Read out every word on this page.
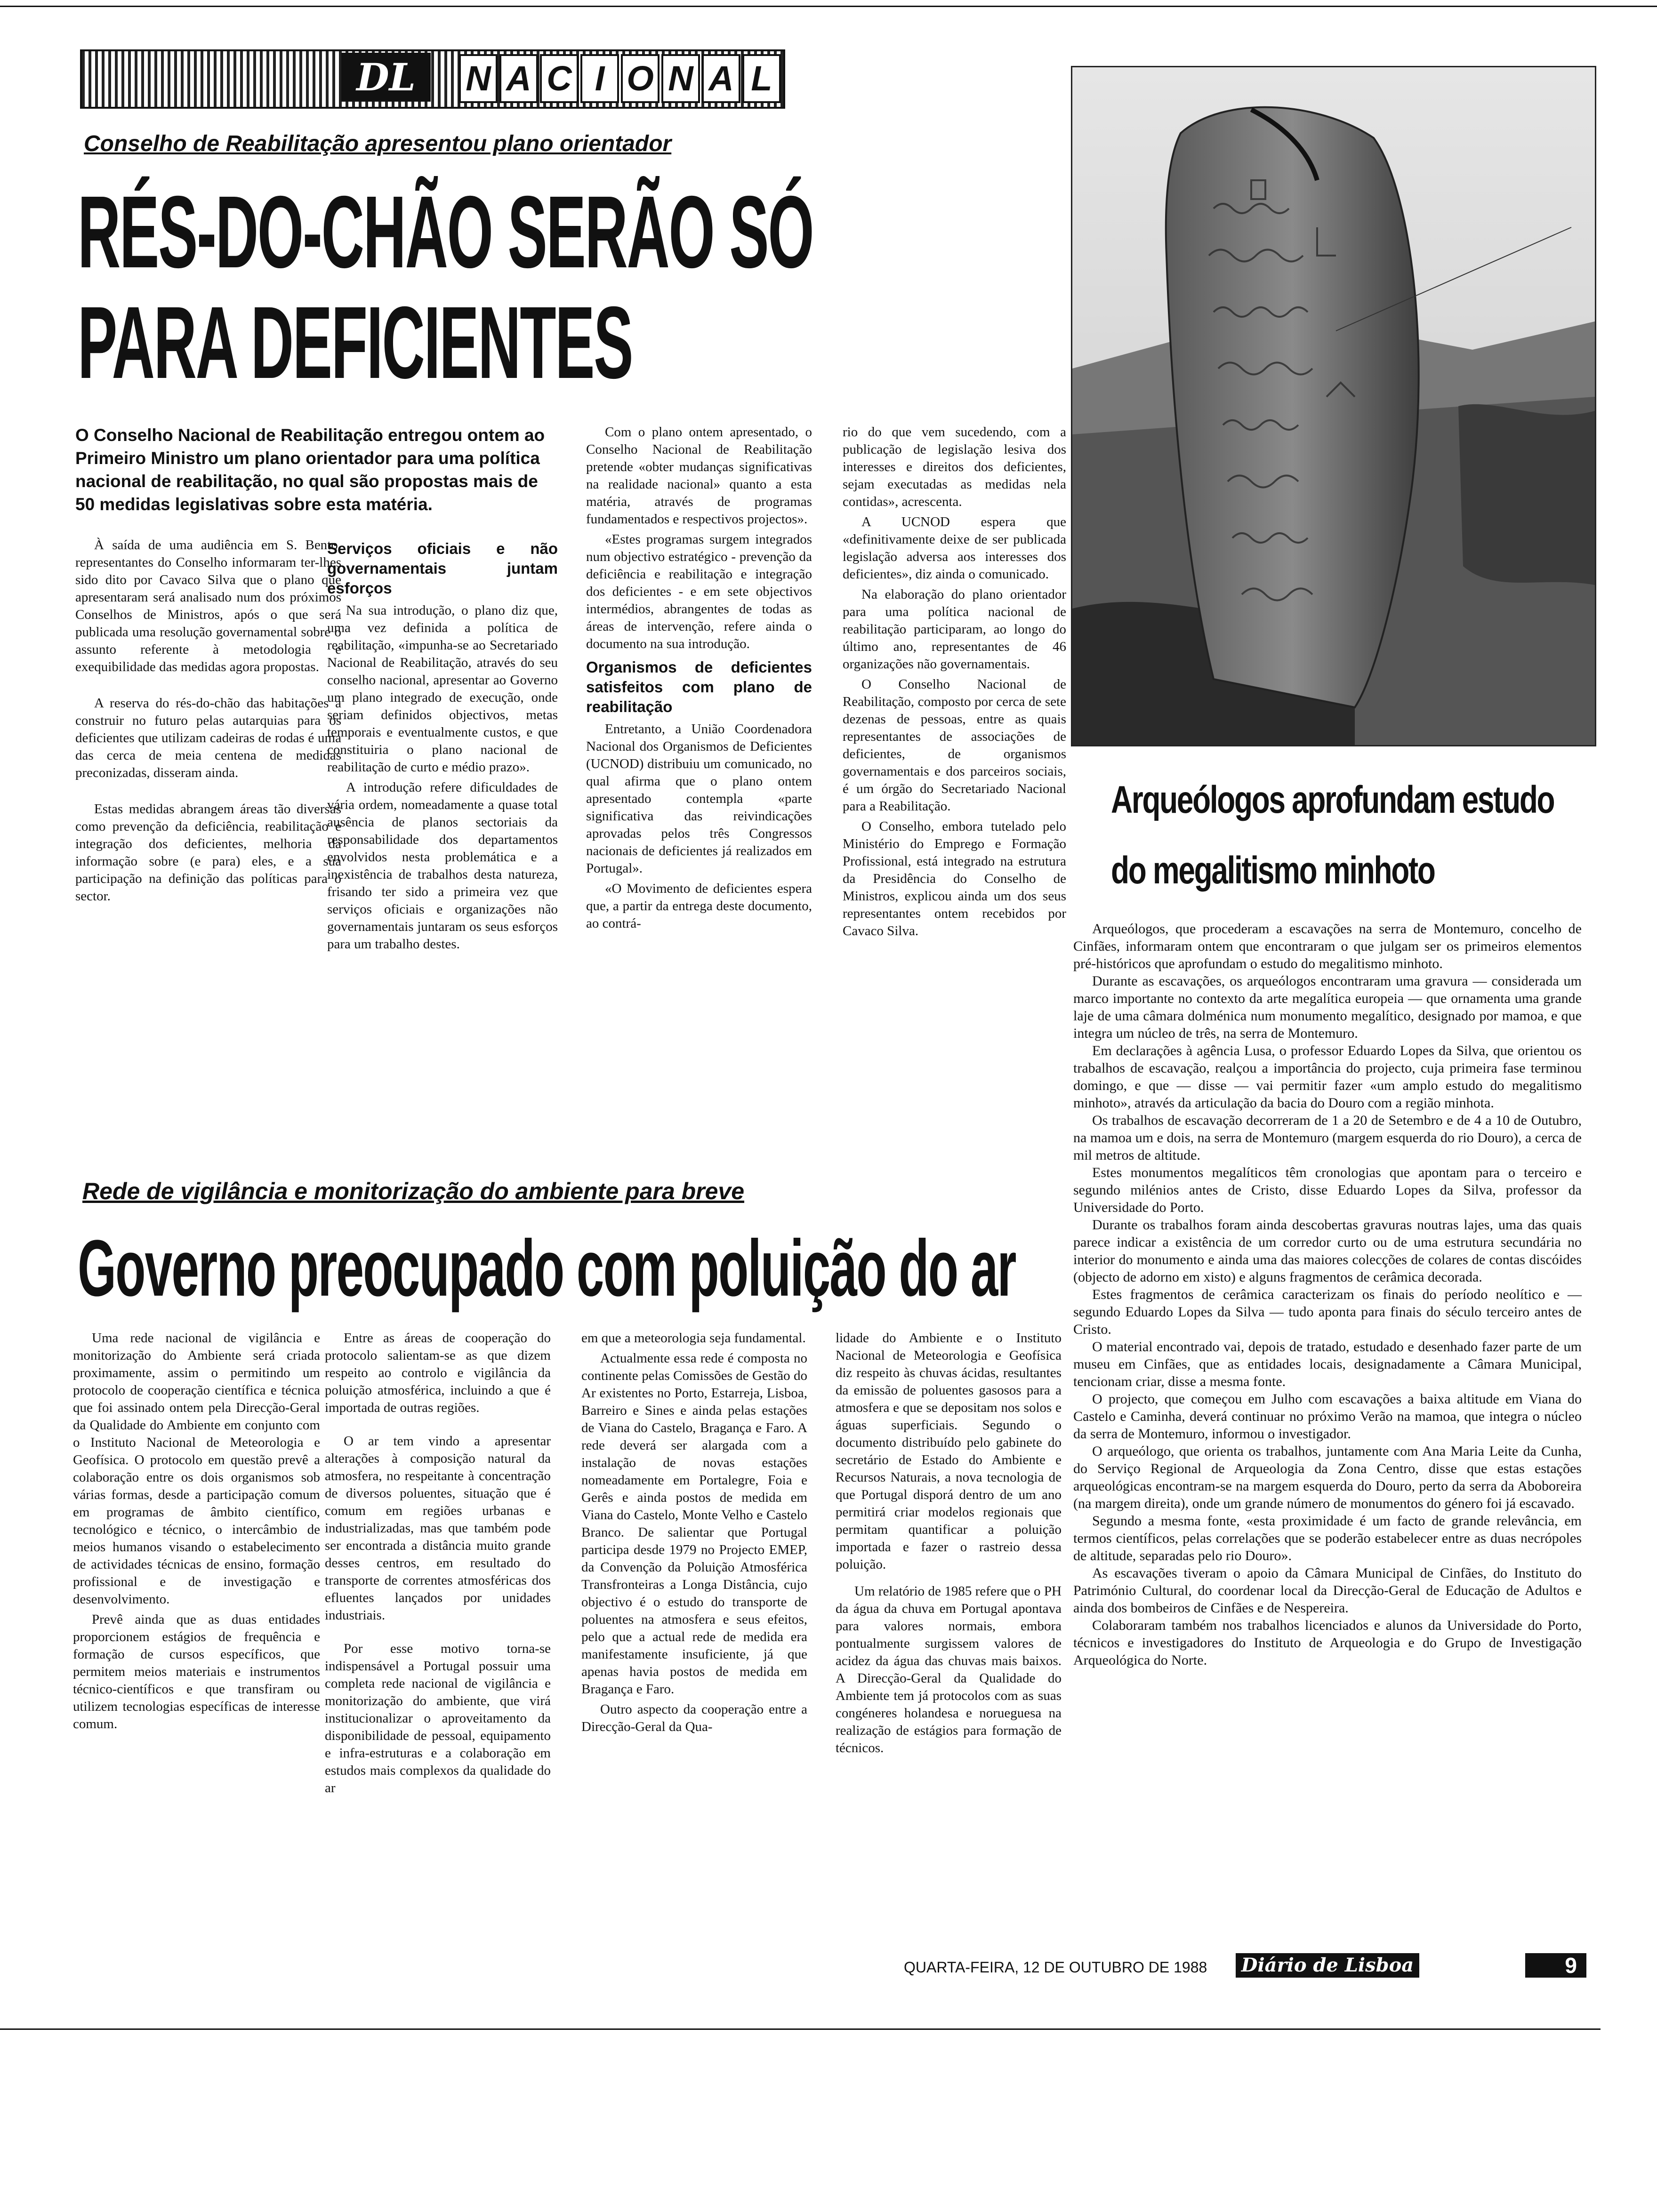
DL	N A C I O N A L
Conselho de Reabilitação apresentou plano orientador
RÉS-DO-CHÃO SERÃO SÓ
PARA DEFICIENTES
O Conselho Nacional de Reabilitação entregou ontem ao Primeiro Ministro um plano orientador para uma política nacional de reabilitação, no qual são propostas mais de 50 medidas legislativas sobre esta matéria.

À saída de uma audiência em S. Bento, representantes do Conselho informaram ter-lhes sido dito por Cavaco Silva que o plano que apresentaram será analisado num dos próximos Conselhos de Ministros, após o que será publicada uma resolução governamental sobre o assunto referente à metodologia e exequibilidade das medidas agora propostas.

A reserva do rés-do-chão das habitações a construir no futuro pelas autarquias para os deficientes que utilizam cadeiras de rodas é uma das cerca de meia centena de medidas preconizadas, disseram ainda.

Estas medidas abrangem áreas tão diversas como prevenção da deficiência, reabilitação e integração dos deficientes, melhoria da informação sobre (e para) eles, e a sua participação na definição das políticas para o sector.

Serviços oficiais e não governamentais juntam esforços

Na sua introdução, o plano diz que, uma vez definida a política de reabilitação, «impunha-se ao Secretariado Nacional de Reabilitação, através do seu conselho nacional, apresentar ao Governo um plano integrado de execução, onde seriam definidos objectivos, metas temporais e eventualmente custos, e que constituiria o plano nacional de reabilitação de curto e médio prazo».

A introdução refere dificuldades de vária ordem, nomeadamente a quase total ausência de planos sectoriais da responsabilidade dos departamentos envolvidos nesta problemática e a inexistência de trabalhos desta natureza, frisando ter sido a primeira vez que serviços oficiais e organizações não governamentais juntaram os seus esforços para um trabalho destes.

Com o plano ontem apresentado, o Conselho Nacional de Reabilitação pretende «obter mudanças significativas na realidade nacional» quanto a esta matéria, através de programas fundamentados e respectivos projectos».

«Estes programas surgem integrados num objectivo estratégico - prevenção da deficiência e reabilitação e integração dos deficientes - e em sete objectivos intermédios, abrangentes de todas as áreas de intervenção, refere ainda o documento na sua introdução.

Organismos de deficientes satisfeitos com plano de reabilitação

Entretanto, a União Coordenadora Nacional dos Organismos de Deficientes (UCNOD) distribuiu um comunicado, no qual afirma que o plano ontem apresentado contempla «parte significativa das reivindicações aprovadas pelos três Congressos nacionais de deficientes já realizados em Portugal».

«O Movimento de deficientes espera que, a partir da entrega deste documento, ao contrá-

rio do que vem sucedendo, com a publicação de legislação lesiva dos interesses e direitos dos deficientes, sejam executadas as medidas nela contidas», acrescenta.

A UCNOD espera que «definitivamente deixe de ser publicada legislação adversa aos interesses dos deficientes», diz ainda o comunicado.

Na elaboração do plano orientador para uma política nacional de reabilitação participaram, ao longo do último ano, representantes de 46 organizações não governamentais.

O Conselho Nacional de Reabilitação, composto por cerca de sete dezenas de pessoas, entre as quais representantes de associações de deficientes, de organismos governamentais e dos parceiros sociais, é um órgão do Secretariado Nacional para a Reabilitação.

O Conselho, embora tutelado pelo Ministério do Emprego e Formação Profissional, está integrado na estrutura da Presidência do Conselho de Ministros, explicou ainda um dos seus representantes ontem recebidos por Cavaco Silva.

Rede de vigilância e monitorização do ambiente para breve
Governo preocupado com poluição do ar

Uma rede nacional de vigilância e monitorização do Ambiente será criada proximamente, assim o permitindo um protocolo de cooperação científica e técnica que foi assinado ontem pela Direcção-Geral da Qualidade do Ambiente em conjunto com o Instituto Nacional de Meteorologia e Geofísica. O protocolo em questão prevê a colaboração entre os dois organismos sob várias formas, desde a participação comum em programas de âmbito científico, tecnológico e técnico, o intercâmbio de meios humanos visando o estabelecimento de actividades técnicas de ensino, formação profissional e de investigação e desenvolvimento.

Prevê ainda que as duas entidades proporcionem estágios de frequência e formação de cursos específicos, que permitem meios materiais e instrumentos técnico-científicos e que transfiram ou utilizem tecnologias específicas de interesse comum.

Entre as áreas de cooperação do protocolo salientam-se as que dizem respeito ao controlo e vigilância da poluição atmosférica, incluindo a que é importada de outras regiões.

O ar tem vindo a apresentar alterações à composição natural da atmosfera, no respeitante à concentração de diversos poluentes, situação que é comum em regiões urbanas e industrializadas, mas que também pode ser encontrada a distância muito grande desses centros, em resultado do transporte de correntes atmosféricas dos efluentes lançados por unidades industriais.

Por esse motivo torna-se indispensável a Portugal possuir uma completa rede nacional de vigilância e monitorização do ambiente, que virá institucionalizar o aproveitamento da disponibilidade de pessoal, equipamento e infra-estruturas e a colaboração em estudos mais complexos da qualidade do ar

em que a meteorologia seja fundamental.

Actualmente essa rede é composta no continente pelas Comissões de Gestão do Ar existentes no Porto, Estarreja, Lisboa, Barreiro e Sines e ainda pelas estações de Viana do Castelo, Bragança e Faro. A rede deverá ser alargada com a instalação de novas estações nomeadamente em Portalegre, Foia e Gerês e ainda postos de medida em Viana do Castelo, Monte Velho e Castelo Branco. De salientar que Portugal participa desde 1979 no Projecto EMEP, da Convenção da Poluição Atmosférica Transfronteiras a Longa Distância, cujo objectivo é o estudo do transporte de poluentes na atmosfera e seus efeitos, pelo que a actual rede de medida era manifestamente insuficiente, já que apenas havia postos de medida em Bragança e Faro.

Outro aspecto da cooperação entre a Direcção-Geral da Qua-

lidade do Ambiente e o Instituto Nacional de Meteorologia e Geofísica diz respeito às chuvas ácidas, resultantes da emissão de poluentes gasosos para a atmosfera e que se depositam nos solos e águas superficiais. Segundo o documento distribuído pelo gabinete do secretário de Estado do Ambiente e Recursos Naturais, a nova tecnologia de que Portugal disporá dentro de um ano permitirá criar modelos regionais que permitam quantificar a poluição importada e fazer o rastreio dessa poluição.

Um relatório de 1985 refere que o PH da água da chuva em Portugal apontava para valores normais, embora pontualmente surgissem valores de acidez da água das chuvas mais baixos. A Direcção-Geral da Qualidade do Ambiente tem já protocolos com as suas congéneres holandesa e norueguesa na realização de estágios para formação de técnicos.

Arqueólogos aprofundam estudo
do megalitismo minhoto

Arqueólogos, que procederam a escavações na serra de Montemuro, concelho de Cinfães, informaram ontem que encontraram o que julgam ser os primeiros elementos pré-históricos que aprofundam o estudo do megalitismo minhoto.

Durante as escavações, os arqueólogos encontraram uma gravura — considerada um marco importante no contexto da arte megalítica europeia — que ornamenta uma grande laje de uma câmara dolménica num monumento megalítico, designado por mamoa, e que integra um núcleo de três, na serra de Montemuro.

Em declarações à agência Lusa, o professor Eduardo Lopes da Silva, que orientou os trabalhos de escavação, realçou a importância do projecto, cuja primeira fase terminou domingo, e que — disse — vai permitir fazer «um amplo estudo do megalitismo minhoto», através da articulação da bacia do Douro com a região minhota.

Os trabalhos de escavação decorreram de 1 a 20 de Setembro e de 4 a 10 de Outubro, na mamoa um e dois, na serra de Montemuro (margem esquerda do rio Douro), a cerca de mil metros de altitude.

Estes monumentos megalíticos têm cronologias que apontam para o terceiro e segundo milénios antes de Cristo, disse Eduardo Lopes da Silva, professor da Universidade do Porto.

Durante os trabalhos foram ainda descobertas gravuras noutras lajes, uma das quais parece indicar a existência de um corredor curto ou de uma estrutura secundária no interior do monumento e ainda uma das maiores colecções de colares de contas discóides (objecto de adorno em xisto) e alguns fragmentos de cerâmica decorada.

Estes fragmentos de cerâmica caracterizam os finais do período neolítico e — segundo Eduardo Lopes da Silva — tudo aponta para finais do século terceiro antes de Cristo.

O material encontrado vai, depois de tratado, estudado e desenhado fazer parte de um museu em Cinfães, que as entidades locais, designadamente a Câmara Municipal, tencionam criar, disse a mesma fonte.

O projecto, que começou em Julho com escavações a baixa altitude em Viana do Castelo e Caminha, deverá continuar no próximo Verão na mamoa, que integra o núcleo da serra de Montemuro, informou o investigador.

O arqueólogo, que orienta os trabalhos, juntamente com Ana Maria Leite da Cunha, do Serviço Regional de Arqueologia da Zona Centro, disse que estas estações arqueológicas encontram-se na margem esquerda do Douro, perto da serra da Aboboreira (na margem direita), onde um grande número de monumentos do género foi já escavado.

Segundo a mesma fonte, «esta proximidade é um facto de grande relevância, em termos científicos, pelas correlações que se poderão estabelecer entre as duas necrópoles de altitude, separadas pelo rio Douro».

As escavações tiveram o apoio da Câmara Municipal de Cinfães, do Instituto do Património Cultural, do coordenar local da Direcção-Geral de Educação de Adultos e ainda dos bombeiros de Cinfães e de Nespereira.

Colaboraram também nos trabalhos licenciados e alunos da Universidade do Porto, técnicos e investigadores do Instituto de Arqueologia e do Grupo de Investigação Arqueológica do Norte.

QUARTA-FEIRA, 12 DE OUTUBRO DE 1988 Diário de Lisboa	9
